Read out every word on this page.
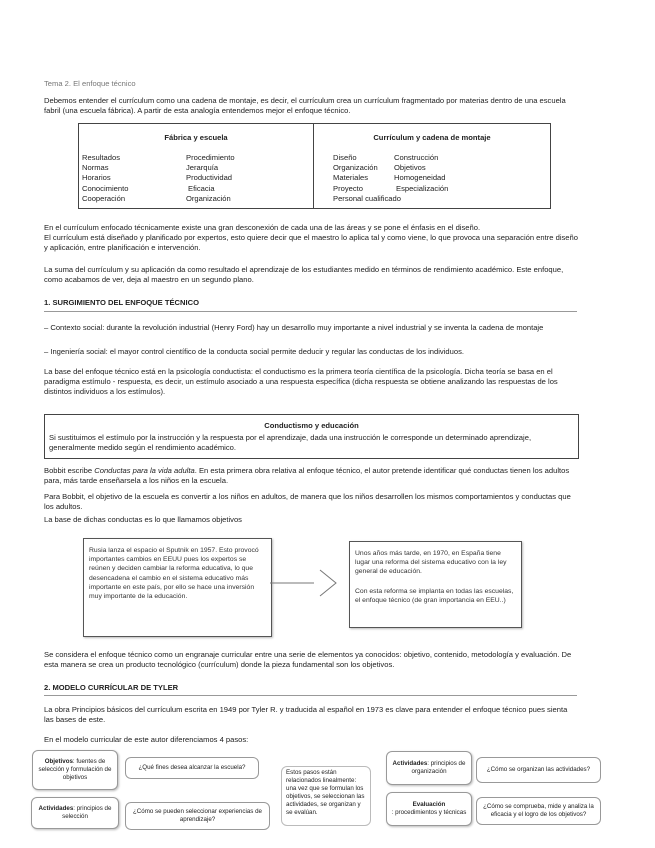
Tema 2. El enfoque técnico
Debemos entender el currículum como una cadena de montaje, es decir, el currículum crea un currículum fragmentado por materias dentro de una escuela fabril (una escuela fábrica). A partir de esta analogía entendemos mejor el enfoque técnico.
Fábrica y escuela	Currículum y cadena de montaje
Resultados
Normas
Horarios
Conocimiento
Cooperación
Procedimiento
Jerarquía
Productividad
Eficacia
Organización
Diseño
Organización
Materiales
Proyecto
Personal cualificado
Construcción
Objetivos
Homogeneidad
Especialización
En el currículum enfocado técnicamente existe una gran desconexión de cada una de las áreas y se pone el énfasis en el diseño.
El currículum está diseñado y planificado por expertos, esto quiere decir que el maestro lo aplica tal y como viene, lo que provoca una separación entre diseño y aplicación, entre planificación e intervención.
La suma del currículum y su aplicación da como resultado el aprendizaje de los estudiantes medido en términos de rendimiento académico. Este enfoque, como acabamos de ver, deja al maestro en un segundo plano.
1. SURGIMIENTO DEL ENFOQUE TÉCNICO
– Contexto social: durante la revolución industrial (Henry Ford) hay un desarrollo muy importante a nivel industrial y se inventa la cadena de montaje
– Ingeniería social: el mayor control científico de la conducta social permite deducir y regular las conductas de los individuos.
La base del enfoque técnico está en la psicología conductista: el conductismo es la primera teoría científica de la psicología. Dicha teoría se basa en el paradigma estímulo - respuesta, es decir, un estímulo asociado a una respuesta específica (dicha respuesta se obtiene analizando las respuestas de los distintos individuos a los estímulos).
Conductismo y educación
Si sustituimos el estímulo por la instrucción y la respuesta por el aprendizaje, dada una instrucción le corresponde un determinado aprendizaje, generalmente medido según el rendimiento académico.
Bobbit escribe Conductas para la vida adulta. En esta primera obra relativa al enfoque técnico, el autor pretende identificar qué conductas tienen los adultos para, más tarde enseñarsela a los niños en la escuela.
Para Bobbit, el objetivo de la escuela es convertir a los niños en adultos, de manera que los niños desarrollen los mismos comportamientos y conductas que los adultos.
La base de dichas conductas es lo que llamamos objetivos
Rusia lanza el espacio el Sputnik en 1957. Esto provocó importantes cambios en EEUU pues los expertos se reúnen y deciden cambiar la reforma educativa, lo que desencadena el cambio en el sistema educativo más importante en este país, por ello se hace una inversión muy importante de la educación.
Unos años más tarde, en 1970, en España tiene lugar una reforma del sistema educativo con la ley general de educación.
Con esta reforma se implanta en todas las escuelas, el enfoque técnico (de gran importancia en EEU..)
Se considera el enfoque técnico como un engranaje curricular entre una serie de elementos ya conocidos: objetivo, contenido, metodología y evaluación. De esta manera se crea un producto tecnológico (currículum) donde la pieza fundamental son los objetivos.
2. MODELO CURRÍCULAR DE TYLER
La obra Principios básicos del currículum escrita en 1949 por Tyler R. y traducida al español en 1973 es clave para entender el enfoque técnico pues sienta las bases de este.
En el modelo curricular de este autor diferenciamos 4 pasos:
Objetivos: fuentes de selección y formulación de objetivos
¿Qué fines desea alcanzar la escuela?
Actividades: principios de selección
¿Cómo se pueden seleccionar experiencias de aprendizaje?
Estos pasos están relacionados linealmente: una vez que se formulan los objetivos, se seleccionan las actividades, se organizan y se evalúan.
Actividades: principios de organización	¿Cómo se organizan las actividades?
Evaluación
: procedimientos y técnicas
¿Cómo se comprueba, mide y analiza la eficacia y el logro de los objetivos?
